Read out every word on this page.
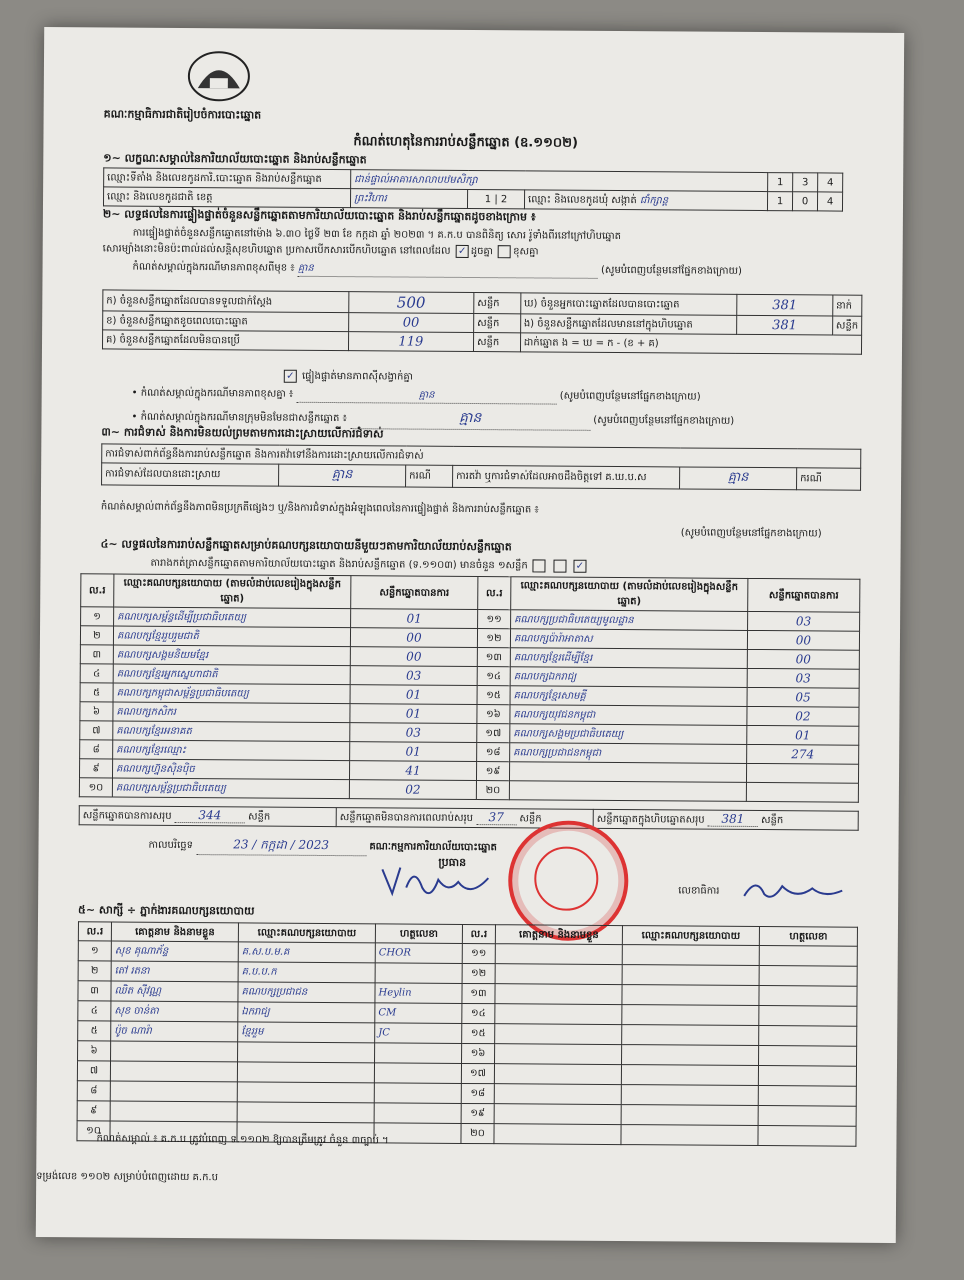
គណៈកម្មាធិការជាតិរៀបចំការបោះឆ្នោត
កំណត់ហេតុនៃការរាប់សន្លឹកឆ្នោត (ឧ.១១០២)
១~ លក្ខណៈសម្គាល់នៃការិយាល័យបោះឆ្នោត និងរាប់សន្លឹកឆ្នោត
ឈ្មោះទីតាំង និងលេខកូដការិ.បោះឆ្នោត និងរាប់សន្លឹកឆ្នោត	ជាន់ផ្ទាល់អាគារសាលាបឋមសិក្សា			1	3	4
ឈ្មោះ និងលេខកូដជាតិ ខេត្ត	ព្រះវិហារ	1 | 2	ឈ្មោះ និងលេខកូដឃុំ សង្កាត់ ជាំក្សាន្ត	1	0	4
២~ លទ្ធផលនៃការផ្ទៀងផ្ទាត់ចំនួនសន្លឹកឆ្នោតតាមការិយាល័យបោះឆ្នោត និងរាប់សន្លឹកឆ្នោតដូចខាងក្រោម ៖
ការផ្ទៀងផ្ទាត់ចំនួនសន្លឹកឆ្នោតនៅម៉ោង ៦.៣០ ថ្ងៃទី ២៣ ខែ កក្កដា ឆ្នាំ ២០២៣ ។ គ.ក.ប បានពិនិត្យ សោរ រ៉ូទាំងពីរនៅក្រៅហិបឆ្នោត
សោរម្យ៉ាងនោះមិនប៉ះពាល់ដល់សន្តិសុខហិបឆ្នោត ប្រកាសបើកសារបើកហិបឆ្នោត នៅពេលដែល ✓ ដូចគ្នា ខុសគ្នា
កំណត់សម្គាល់ក្នុងករណីមានភាពខុសពីមុខ ៖ គ្មាន	(សូមបំពេញបន្ថែមនៅផ្នែកខាងក្រោយ)
ក) ចំនួនសន្លឹកឆ្នោតដែលបានទទួលជាក់ស្តែង	500	សន្លឹក	ឃ) ចំនួនអ្នកបោះឆ្នោតដែលបានបោះឆ្នោត	381	នាក់
ខ) ចំនួនសន្លឹកឆ្នោតខូចពេលបោះឆ្នោត	00	សន្លឹក	ង) ចំនួនសន្លឹកឆ្នោតដែលមាននៅក្នុងហិបឆ្នោត	381	សន្លឹក
គ) ចំនួនសន្លឹកឆ្នោតដែលមិនបានប្រើ	119	សន្លឹក	ដាក់ឆ្នោត ង = ឃ = ក - (ខ + គ)		
✓ ផ្ទៀងផ្ទាត់មានភាពស៊ីសង្វាក់គ្នា
• កំណត់សម្គាល់ក្នុងករណីមានភាពខុសគ្នា ៖	គ្មាន	(សូមបំពេញបន្ថែមនៅផ្នែកខាងក្រោយ)
• កំណត់សម្គាល់ក្នុងករណីមានក្រុមមិនមែនជាសន្លឹកឆ្នោត ៖	គ្មាន	(សូមបំពេញបន្ថែមនៅផ្នែកខាងក្រោយ)
៣~ ការជំទាស់ និងការមិនយល់ព្រមតាមការដោះស្រាយលើការជំទាស់
ការជំទាស់ពាក់ព័ន្ធនឹងការរាប់សន្លឹកឆ្នោត និងការតវ៉ាទៅនឹងការដោះស្រាយលើការជំទាស់
ការជំទាស់ដែលបានដោះស្រាយ	គ្មាន	ករណី	ការតវ៉ា ឬការជំទាស់ដែលអាចដឹងចិត្តទៅ គ.ឃ.ប.ស	គ្មាន	ករណី
កំណត់សម្គាល់ពាក់ព័ន្ធនឹងភាពមិនប្រក្រតីផ្សេងៗ ឬ/និងការជំទាស់ក្នុងអំឡុងពេលនៃការផ្ទៀងផ្ទាត់ និងការរាប់សន្លឹកឆ្នោត ៖
(សូមបំពេញបន្ថែមនៅផ្នែកខាងក្រោយ)
៤~ លទ្ធផលនៃការរាប់សន្លឹកឆ្នោតសម្រាប់គណបក្សនយោបាយនីមួយៗតាមការិយាល័យរាប់សន្លឹកឆ្នោត
តារាងកត់ត្រាសន្លឹកឆ្នោតតាមការិយាល័យបោះឆ្នោត និងរាប់សន្លឹកឆ្នោត (ទ.១១០៣) មានចំនួន ១សន្លឹក	✓
ល.រ	ឈ្មោះគណបក្សនយោបាយ (តាមលំដាប់លេខរៀងក្នុងសន្លឹកឆ្នោត)	សន្លឹកឆ្នោតបានការ	ល.រ	ឈ្មោះគណបក្សនយោបាយ (តាមលំដាប់លេខរៀងក្នុងសន្លឹកឆ្នោត)	សន្លឹកឆ្នោតបានការ
១	គណបក្សសម្ព័ន្ធដើម្បីប្រជាធិបតេយ្យ	01	១១	គណបក្សប្រជាធិបតេយ្យមូលដ្ឋាន	03
២	គណបក្សខ្មែររួបរួមជាតិ	00	១២	គណបក្សប៉ារ៉ាអាតាស	00
៣	គណបក្សសង្គមនិយមខ្មែរ	00	១៣	គណបក្សខ្មែរដើម្បីខ្មែរ	00
៤	គណបក្សខ្មែរអ្នកស្នេហាជាតិ	03	១៤	គណបក្សឯករាជ្យ	03
៥	គណបក្សកម្ពុជាសម្ព័ន្ធប្រជាធិបតេយ្យ	01	១៥	គណបក្សខ្មែរសាមគ្គី	05
៦	គណបក្សកសិករ	01	១៦	គណបក្សយុវជនកម្ពុជា	02
៧	គណបក្សខ្មែរអនាគត	03	១៧	គណបក្សសង្គមប្រជាធិបតេយ្យ	01
៨	គណបក្សខ្មែរឈ្មោះ	01	១៨	គណបក្សប្រជាជនកម្ពុជា	274
៩	គណបក្សហ្វ៊ុនស៊ិនប៉ិច	41	១៩		
១០	គណបក្សសម្ព័ន្ធប្រជាធិបតេយ្យ	02	២០		
សន្លឹកឆ្នោតបានការសរុប 344	សន្លឹក	សន្លឹកឆ្នោតមិនបានការពេលរាប់សរុប 37 សន្លឹក	សន្លឹកឆ្នោតក្នុងហិបឆ្នោតសរុប 381 សន្លឹក
កាលបរិច្ឆេទ	23 / កក្កដា / 2023	គណៈកម្មការការិយាល័យបោះឆ្នោត
ប្រធាន
លេខាធិការ
៥~ សាក្សី ÷ ភ្នាក់ងារគណបក្សនយោបាយ
ល.រ	គោត្តនាម និងនាមខ្លួន	ឈ្មោះគណបក្សនយោបាយ	ហត្ថលេខា	ល.រ	គោត្តនាម និងនាមខ្លួន	ឈ្មោះគណបក្សនយោបាយ	ហត្ថលេខា
១	សុខ គុណាភ័ន្ទ	គ.ស.ប.ម.គ	CHOR	១១			
២	តៅ រតនា	គ.ប.ប.ក		១២			
៣	ឈិត ស៊ីវណ្ណ	គណបក្សប្រជាជន	Heylin	១៣			
៤	សុខ ចាន់តា	ឯករាជ្យ	CM	១៤			
៥	ប៉ូច ណារ៉ា	ខ្មែររួម	JC	១៥			
៦				១៦			
៧				១៧			
៨				១៨			
៩				១៩			
១០				២០			
កំណត់សម្គាល់ ៖ គ.ក.ប ត្រូវបំពេញ ទ.១១០២ ឱ្យបានត្រឹមត្រូវ ចំនួន ៣ច្បាប់ ។
ទម្រង់លេខ ១១០២ សម្រាប់បំពេញដោយ គ.ក.ប
